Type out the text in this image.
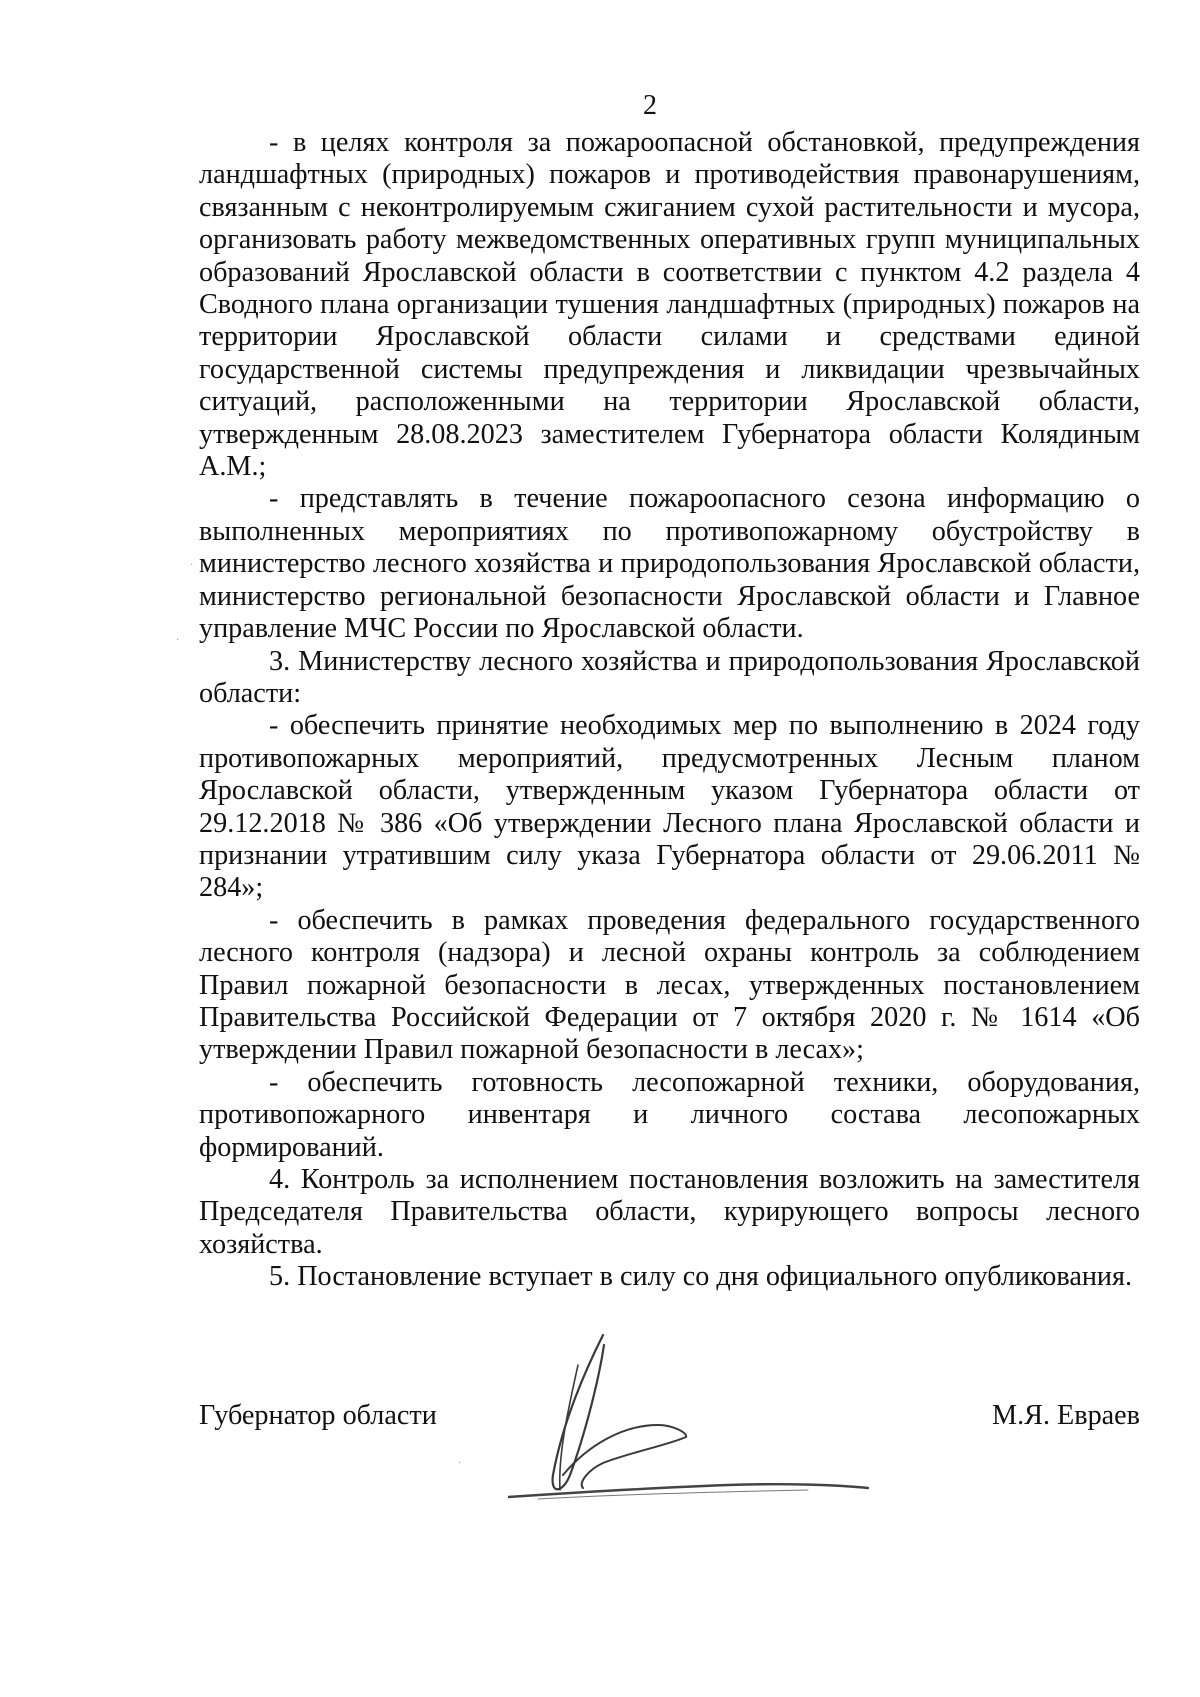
2

- в целях контроля за пожароопасной обстановкой, предупреждения ландшафтных (природных) пожаров и противодействия правонарушениям, связанным с неконтролируемым сжиганием сухой растительности и мусора, организовать работу межведомственных оперативных групп муниципальных образований Ярославской области в соответствии с пунктом 4.2 раздела 4 Сводного плана организации тушения ландшафтных (природных) пожаров на территории Ярославской области силами и средствами единой государственной системы предупреждения и ликвидации чрезвычайных ситуаций, расположенными на территории Ярославской области, утвержденным 28.08.2023 заместителем Губернатора области Колядиным А.М.;

- представлять в течение пожароопасного сезона информацию о выполненных мероприятиях по противопожарному обустройству в министерство лесного хозяйства и природопользования Ярославской области, министерство региональной безопасности Ярославской области и Главное управление МЧС России по Ярославской области.

3. Министерству лесного хозяйства и природопользования Ярославской области:

- обеспечить принятие необходимых мер по выполнению в 2024 году противопожарных мероприятий, предусмотренных Лесным планом Ярославской области, утвержденным указом Губернатора области от 29.12.2018 № 386 «Об утверждении Лесного плана Ярославской области и признании утратившим силу указа Губернатора области от 29.06.2011 № 284»;

- обеспечить в рамках проведения федерального государственного лесного контроля (надзора) и лесной охраны контроль за соблюдением Правил пожарной безопасности в лесах, утвержденных постановлением Правительства Российской Федерации от 7 октября 2020 г. № 1614 «Об утверждении Правил пожарной безопасности в лесах»;

- обеспечить готовность лесопожарной техники, оборудования, противопожарного инвентаря и личного состава лесопожарных формирований.

4. Контроль за исполнением постановления возложить на заместителя Председателя Правительства области, курирующего вопросы лесного хозяйства.

5. Постановление вступает в силу со дня официального опубликования.

Губернатор области	М.Я. Евраев
·
·
·
